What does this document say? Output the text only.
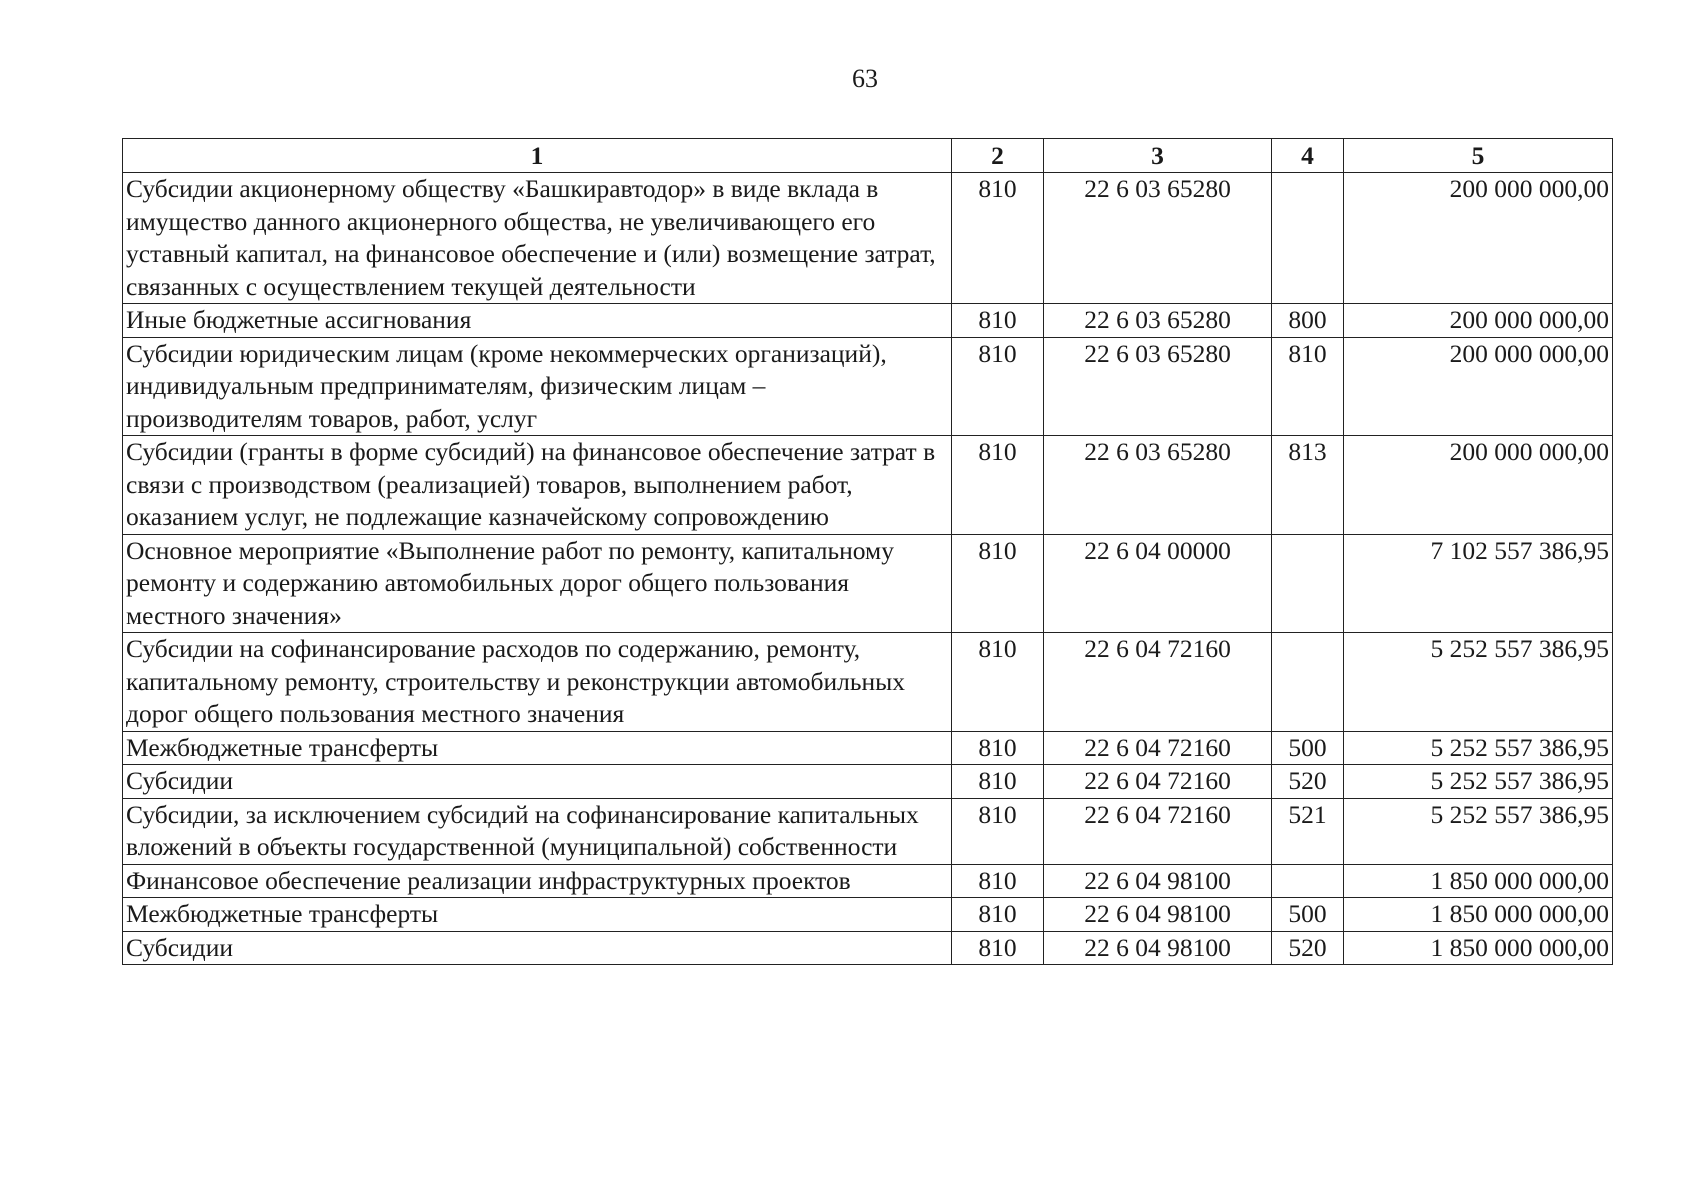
63
1	2	3	4	5
Субсидии акционерному обществу «Башкиравтодор» в виде вклада в имущество данного акционерного общества, не увеличивающего его уставный капитал, на финансовое обеспечение и (или) возмещение затрат, связанных с осуществлением текущей деятельности	810	22 6 03 65280		200 000 000,00
Иные бюджетные ассигнования	810	22 6 03 65280	800	200 000 000,00
Субсидии юридическим лицам (кроме некоммерческих организаций), индивидуальным предпринимателям, физическим лицам – производителям товаров, работ, услуг	810	22 6 03 65280	810	200 000 000,00
Субсидии (гранты в форме субсидий) на финансовое обеспечение затрат в связи с производством (реализацией) товаров, выполнением работ, оказанием услуг, не подлежащие казначейскому сопровождению	810	22 6 03 65280	813	200 000 000,00
Основное мероприятие «Выполнение работ по ремонту, капитальному ремонту и содержанию автомобильных дорог общего пользования местного значения»	810	22 6 04 00000		7 102 557 386,95
Субсидии на софинансирование расходов по содержанию, ремонту, капитальному ремонту, строительству и реконструкции автомобильных дорог общего пользования местного значения	810	22 6 04 72160		5 252 557 386,95
Межбюджетные трансферты	810	22 6 04 72160	500	5 252 557 386,95
Субсидии	810	22 6 04 72160	520	5 252 557 386,95
Субсидии, за исключением субсидий на софинансирование капитальных вложений в объекты государственной (муниципальной) собственности	810	22 6 04 72160	521	5 252 557 386,95
Финансовое обеспечение реализации инфраструктурных проектов	810	22 6 04 98100		1 850 000 000,00
Межбюджетные трансферты	810	22 6 04 98100	500	1 850 000 000,00
Субсидии	810	22 6 04 98100	520	1 850 000 000,00
